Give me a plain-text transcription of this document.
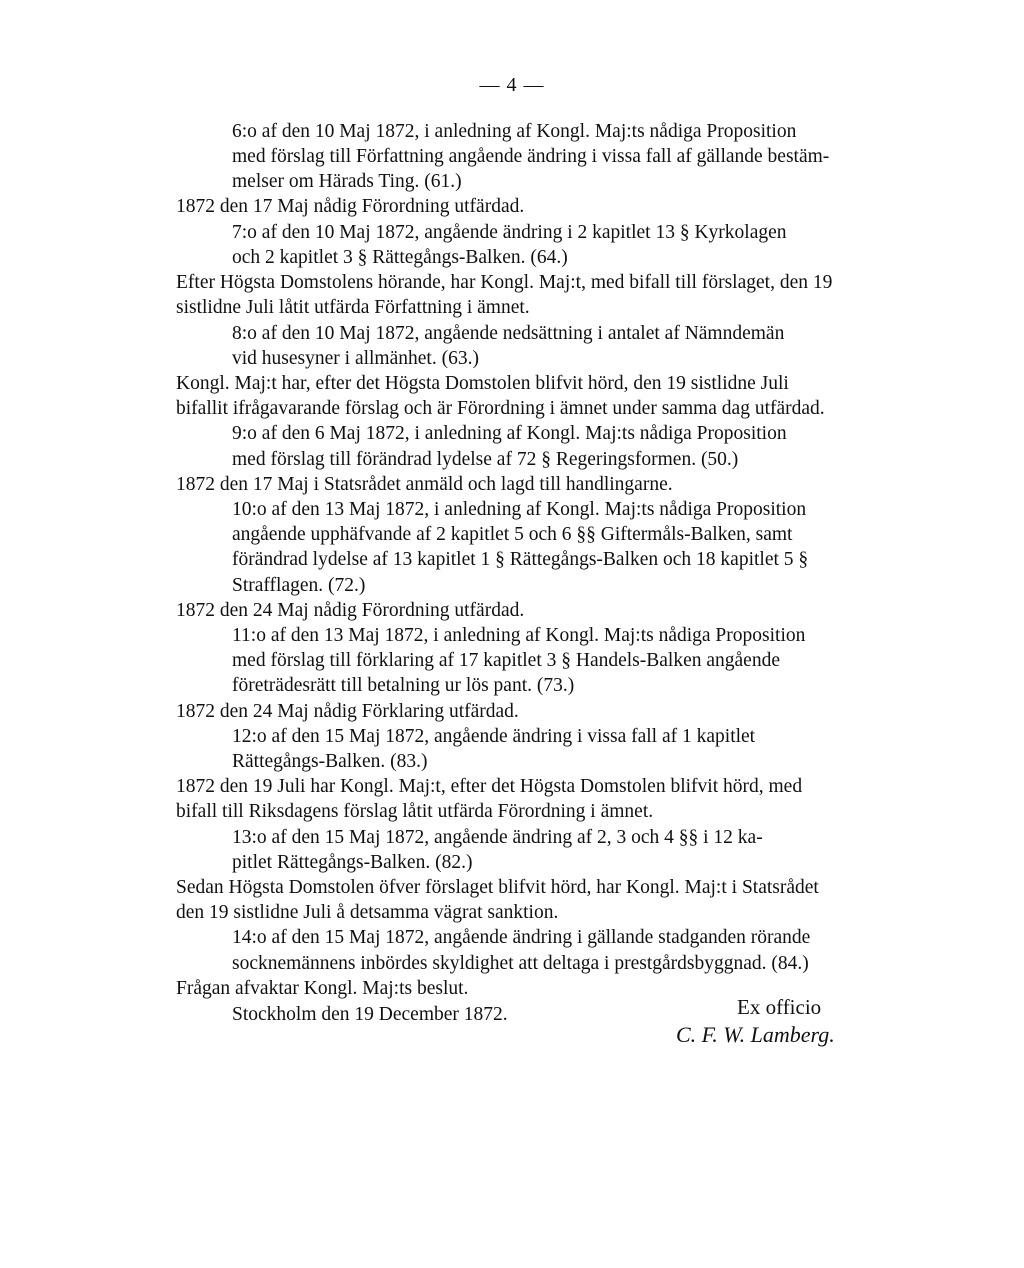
— 4 —
6:o af den 10 Maj 1872, i anledning af Kongl. Maj:ts nådiga Proposition
med förslag till Författning angående ändring i vissa fall af gällande bestäm-
melser om Härads Ting. (61.)
1872 den 17 Maj nådig Förordning utfärdad.
7:o af den 10 Maj 1872, angående ändring i 2 kapitlet 13 § Kyrkolagen
och 2 kapitlet 3 § Rättegångs-Balken. (64.)
Efter Högsta Domstolens hörande, har Kongl. Maj:t, med bifall till förslaget, den 19
sistlidne Juli låtit utfärda Författning i ämnet.
8:o af den 10 Maj 1872, angående nedsättning i antalet af Nämndemän
vid husesyner i allmänhet. (63.)
Kongl. Maj:t har, efter det Högsta Domstolen blifvit hörd, den 19 sistlidne Juli
bifallit ifrågavarande förslag och är Förordning i ämnet under samma dag utfärdad.
9:o af den 6 Maj 1872, i anledning af Kongl. Maj:ts nådiga Proposition
med förslag till förändrad lydelse af 72 § Regeringsformen. (50.)
1872 den 17 Maj i Statsrådet anmäld och lagd till handlingarne.
10:o af den 13 Maj 1872, i anledning af Kongl. Maj:ts nådiga Proposition
angående upphäfvande af 2 kapitlet 5 och 6 §§ Giftermåls-Balken, samt
förändrad lydelse af 13 kapitlet 1 § Rättegångs-Balken och 18 kapitlet 5 §
Strafflagen. (72.)
1872 den 24 Maj nådig Förordning utfärdad.
11:o af den 13 Maj 1872, i anledning af Kongl. Maj:ts nådiga Proposition
med förslag till förklaring af 17 kapitlet 3 § Handels-Balken angående
företrädesrätt till betalning ur lös pant. (73.)
1872 den 24 Maj nådig Förklaring utfärdad.
12:o af den 15 Maj 1872, angående ändring i vissa fall af 1 kapitlet
Rättegångs-Balken. (83.)
1872 den 19 Juli har Kongl. Maj:t, efter det Högsta Domstolen blifvit hörd, med
bifall till Riksdagens förslag låtit utfärda Förordning i ämnet.
13:o af den 15 Maj 1872, angående ändring af 2, 3 och 4 §§ i 12 ka-
pitlet Rättegångs-Balken. (82.)
Sedan Högsta Domstolen öfver förslaget blifvit hörd, har Kongl. Maj:t i Statsrådet
den 19 sistlidne Juli å detsamma vägrat sanktion.
14:o af den 15 Maj 1872, angående ändring i gällande stadganden rörande
socknemännens inbördes skyldighet att deltaga i prestgårdsbyggnad. (84.)
Frågan afvaktar Kongl. Maj:ts beslut.
Stockholm den 19 December 1872.	Ex officio
C. F. W. Lamberg.
